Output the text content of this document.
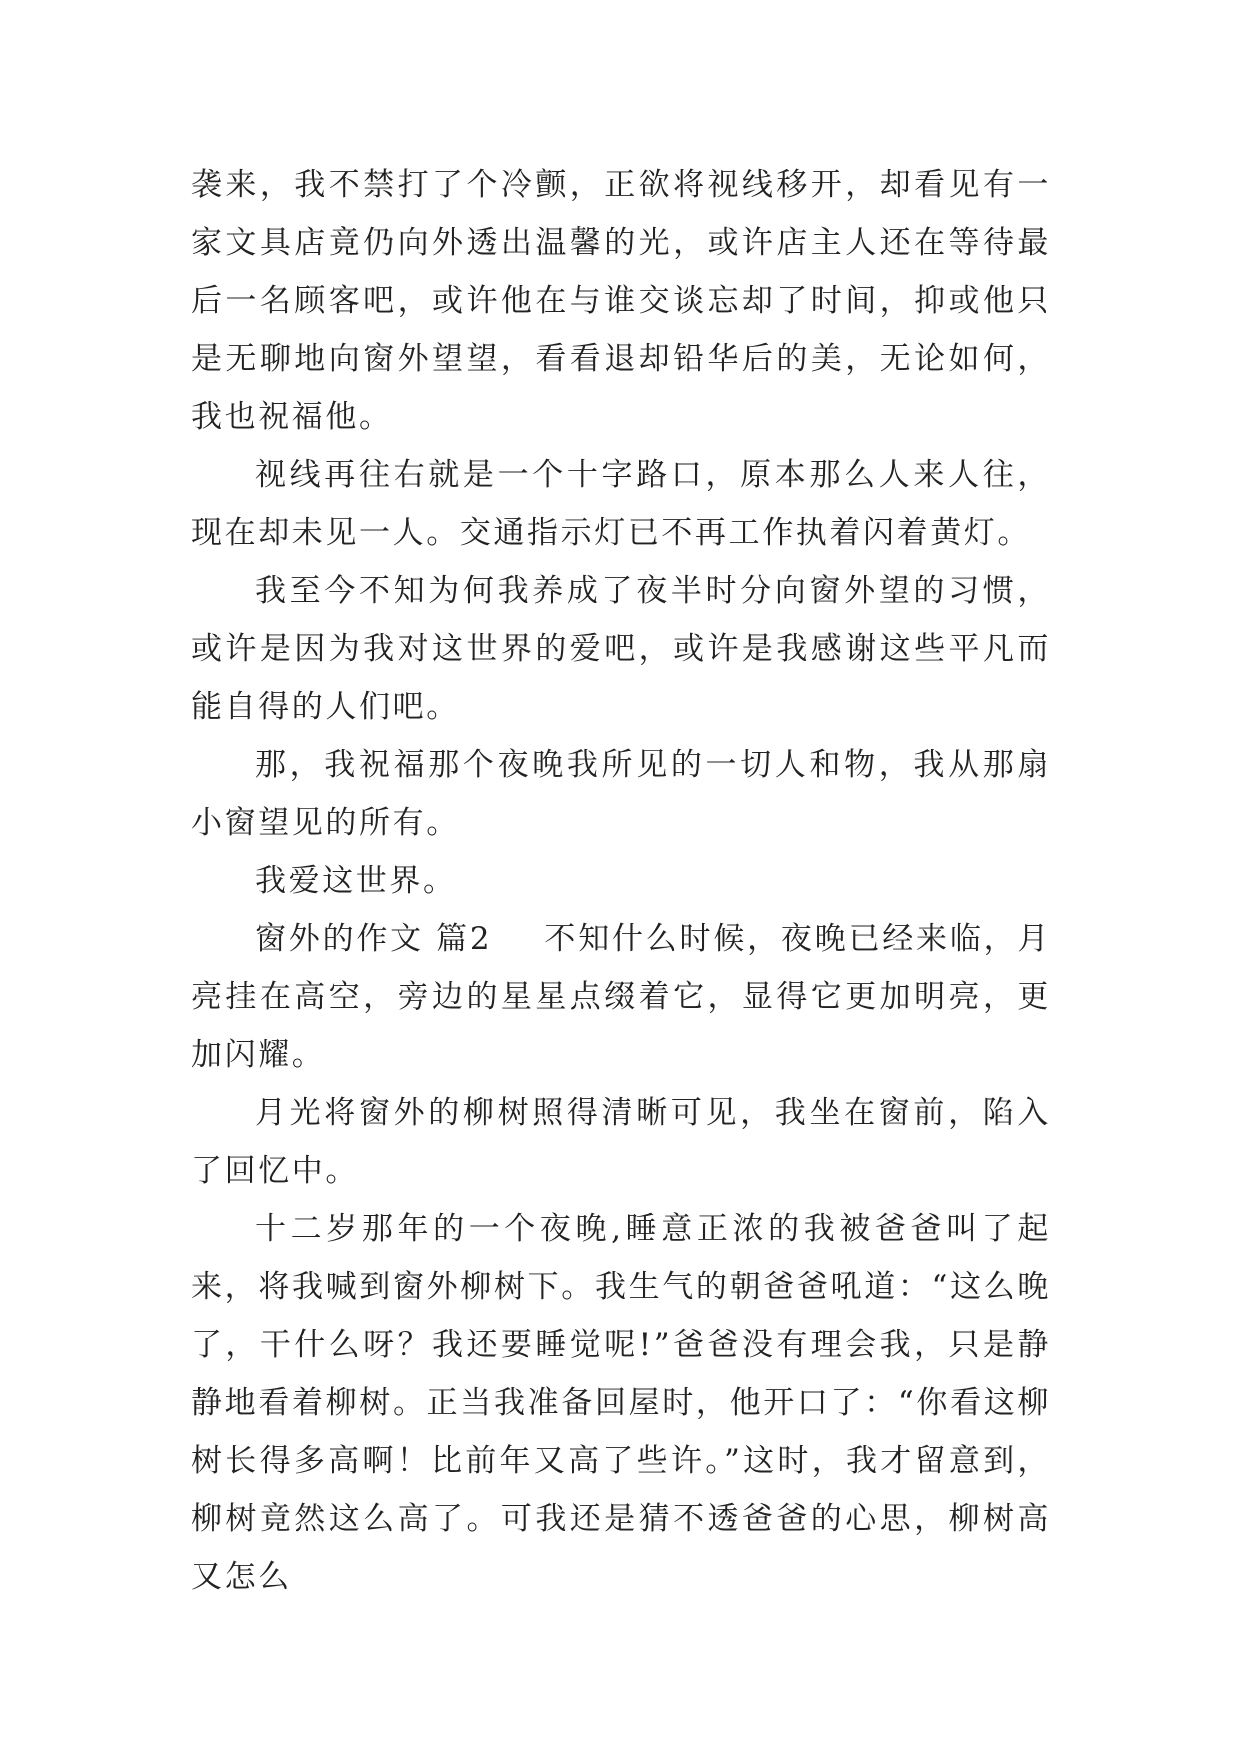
袭来，我不禁打了个冷颤，正欲将视线移开，却看见有一家文具店竟仍向外透出温馨的光，或许店主人还在等待最后一名顾客吧，或许他在与谁交谈忘却了时间，抑或他只是无聊地向窗外望望，看看退却铅华后的美，无论如何，我也祝福他。

视线再往右就是一个十字路口，原本那么人来人往，现在却未见一人。交通指示灯已不再工作执着闪着黄灯。

我至今不知为何我养成了夜半时分向窗外望的习惯，或许是因为我对这世界的爱吧，或许是我感谢这些平凡而能自得的人们吧。

那，我祝福那个夜晚我所见的一切人和物，我从那扇小窗望见的所有。

我爱这世界。

窗外的作文 篇2 不知什么时候，夜晚已经来临，月亮挂在高空，旁边的星星点缀着它，显得它更加明亮，更加闪耀。

月光将窗外的柳树照得清晰可见，我坐在窗前，陷入了回忆中。

十二岁那年的一个夜晚,睡意正浓的我被爸爸叫了起来，将我喊到窗外柳树下。我生气的朝爸爸吼道：“这么晚了，干什么呀？我还要睡觉呢!”爸爸没有理会我，只是静静地看着柳树。正当我准备回屋时，他开口了：“你看这柳树长得多高啊！比前年又高了些许。”这时，我才留意到，柳树竟然这么高了。可我还是猜不透爸爸的心思，柳树高又怎么
